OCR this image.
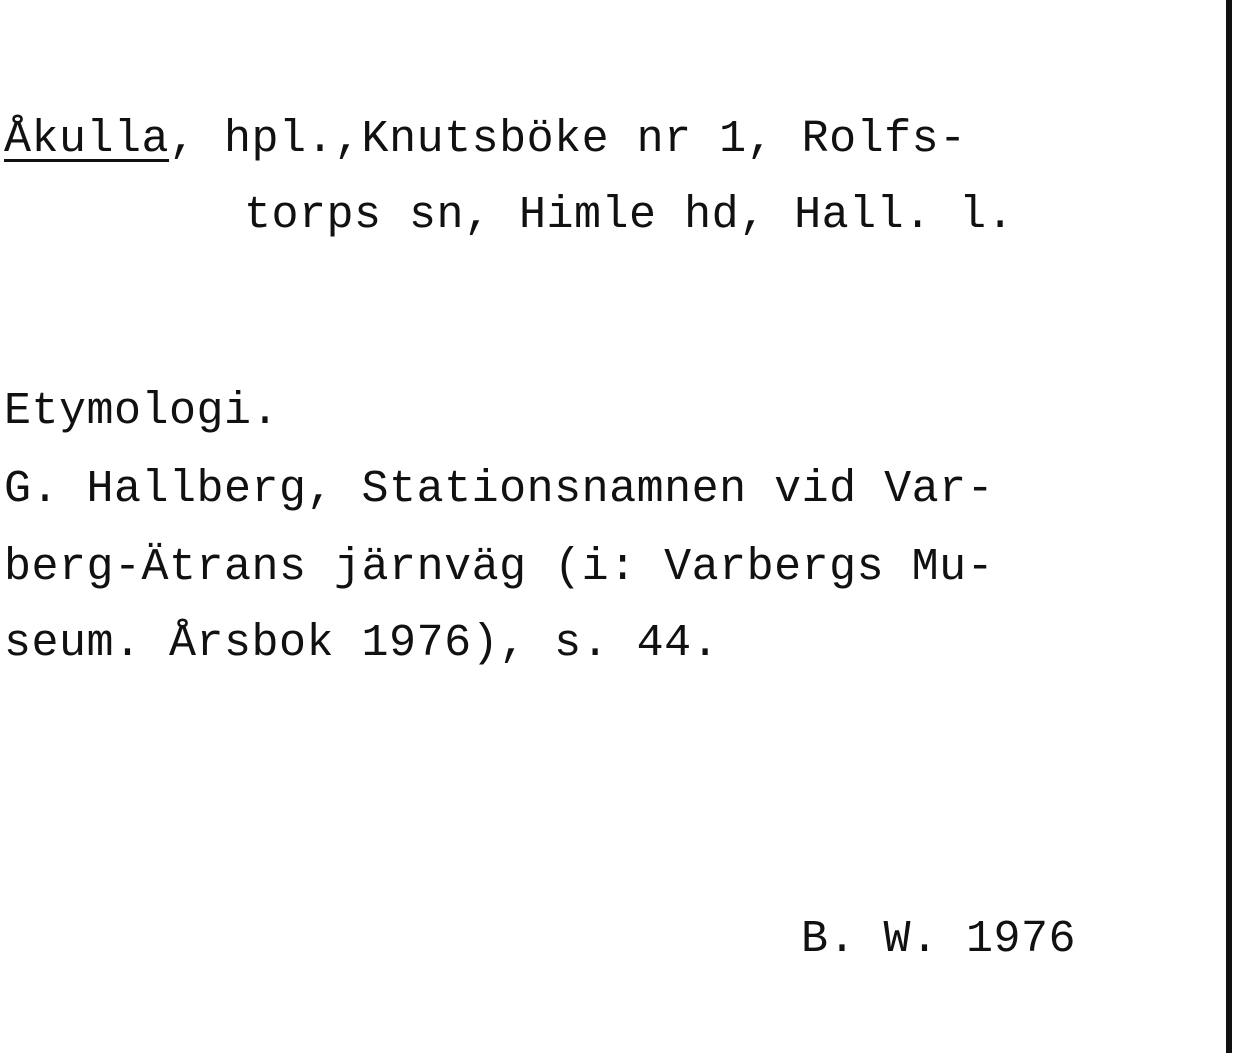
Åkulla, hpl.,Knutsböke nr 1, Rolfs-
torps sn, Himle hd, Hall. l.
Etymologi.
G. Hallberg, Stationsnamnen vid Var-
berg-Ätrans järnväg (i: Varbergs Mu-
seum. Årsbok 1976), s. 44.
B. W. 1976
